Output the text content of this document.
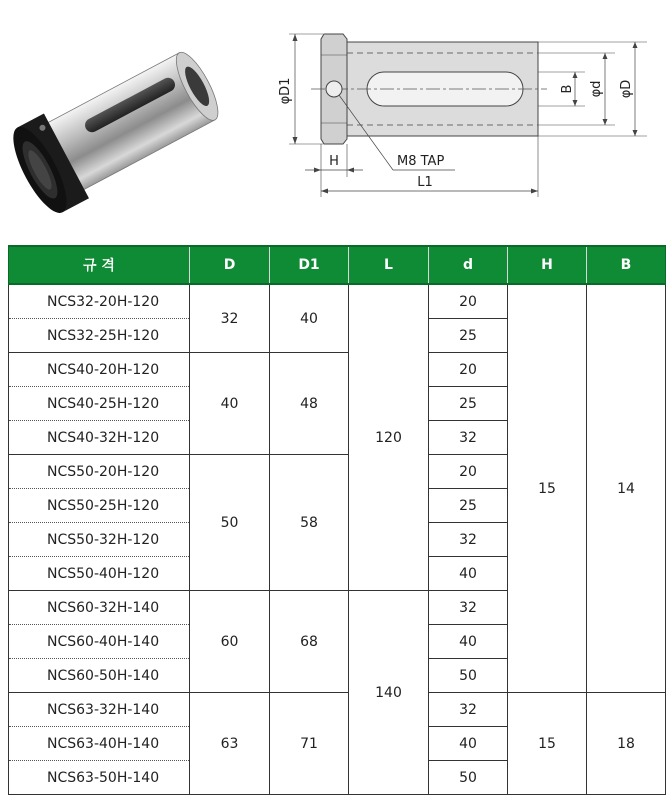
φD1	B φd φD
H	M8 TAP
L1
규 격	D	D1	L	d	H	B
NCS32-20H-120	32	40	120	20	15	14
NCS32-25H-120				25		
NCS40-20H-120	40	48		20		
NCS40-25H-120				25		
NCS40-32H-120				32		
NCS50-20H-120	50	58		20		
NCS50-25H-120				25		
NCS50-32H-120				32		
NCS50-40H-120				40		
NCS60-32H-140	60	68	140	32		
NCS60-40H-140				40		
NCS60-50H-140				50		
NCS63-32H-140	63	71		32	15	18
NCS63-40H-140				40		
NCS63-50H-140				50		
